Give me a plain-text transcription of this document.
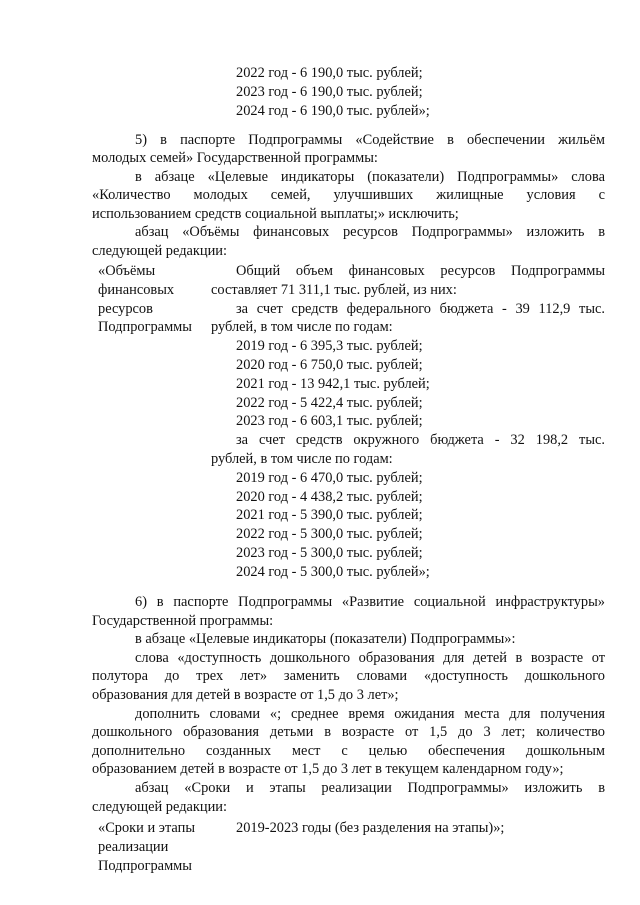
2022 год - 6 190,0 тыс. рублей;
2023 год - 6 190,0 тыс. рублей;
2024 год - 6 190,0 тыс. рублей»;
5) в паспорте Подпрограммы «Содействие в обеспечении жильём
молодых семей» Государственной программы:
в абзаце «Целевые индикаторы (показатели) Подпрограммы» слова
«Количество молодых семей, улучшивших жилищные условия с
использованием средств социальной выплаты;» исключить;
абзац «Объёмы финансовых ресурсов Подпрограммы» изложить в
следующей редакции:
«Объёмы
финансовых
ресурсов
Подпрограммы
Общий объем финансовых ресурсов Подпрограммы
составляет 71 311,1 тыс. рублей, из них:
за счет средств федерального бюджета - 39 112,9 тыс.
рублей, в том числе по годам:
2019 год - 6 395,3 тыс. рублей;
2020 год - 6 750,0 тыс. рублей;
2021 год - 13 942,1 тыс. рублей;
2022 год - 5 422,4 тыс. рублей;
2023 год - 6 603,1 тыс. рублей;
за счет средств окружного бюджета - 32 198,2 тыс.
рублей, в том числе по годам:
2019 год - 6 470,0 тыс. рублей;
2020 год - 4 438,2 тыс. рублей;
2021 год - 5 390,0 тыс. рублей;
2022 год - 5 300,0 тыс. рублей;
2023 год - 5 300,0 тыс. рублей;
2024 год - 5 300,0 тыс. рублей»;
6) в паспорте Подпрограммы «Развитие социальной инфраструктуры»
Государственной программы:
в абзаце «Целевые индикаторы (показатели) Подпрограммы»:
слова «доступность дошкольного образования для детей в возрасте от
полутора до трех лет» заменить словами «доступность дошкольного
образования для детей в возрасте от 1,5 до 3 лет»;
дополнить словами «; среднее время ожидания места для получения
дошкольного образования детьми в возрасте от 1,5 до 3 лет; количество
дополнительно созданных мест с целью обеспечения дошкольным
образованием детей в возрасте от 1,5 до 3 лет в текущем календарном году»;
абзац «Сроки и этапы реализации Подпрограммы» изложить в
следующей редакции:
«Сроки и этапы
реализации
Подпрограммы
2019-2023 годы (без разделения на этапы)»;
